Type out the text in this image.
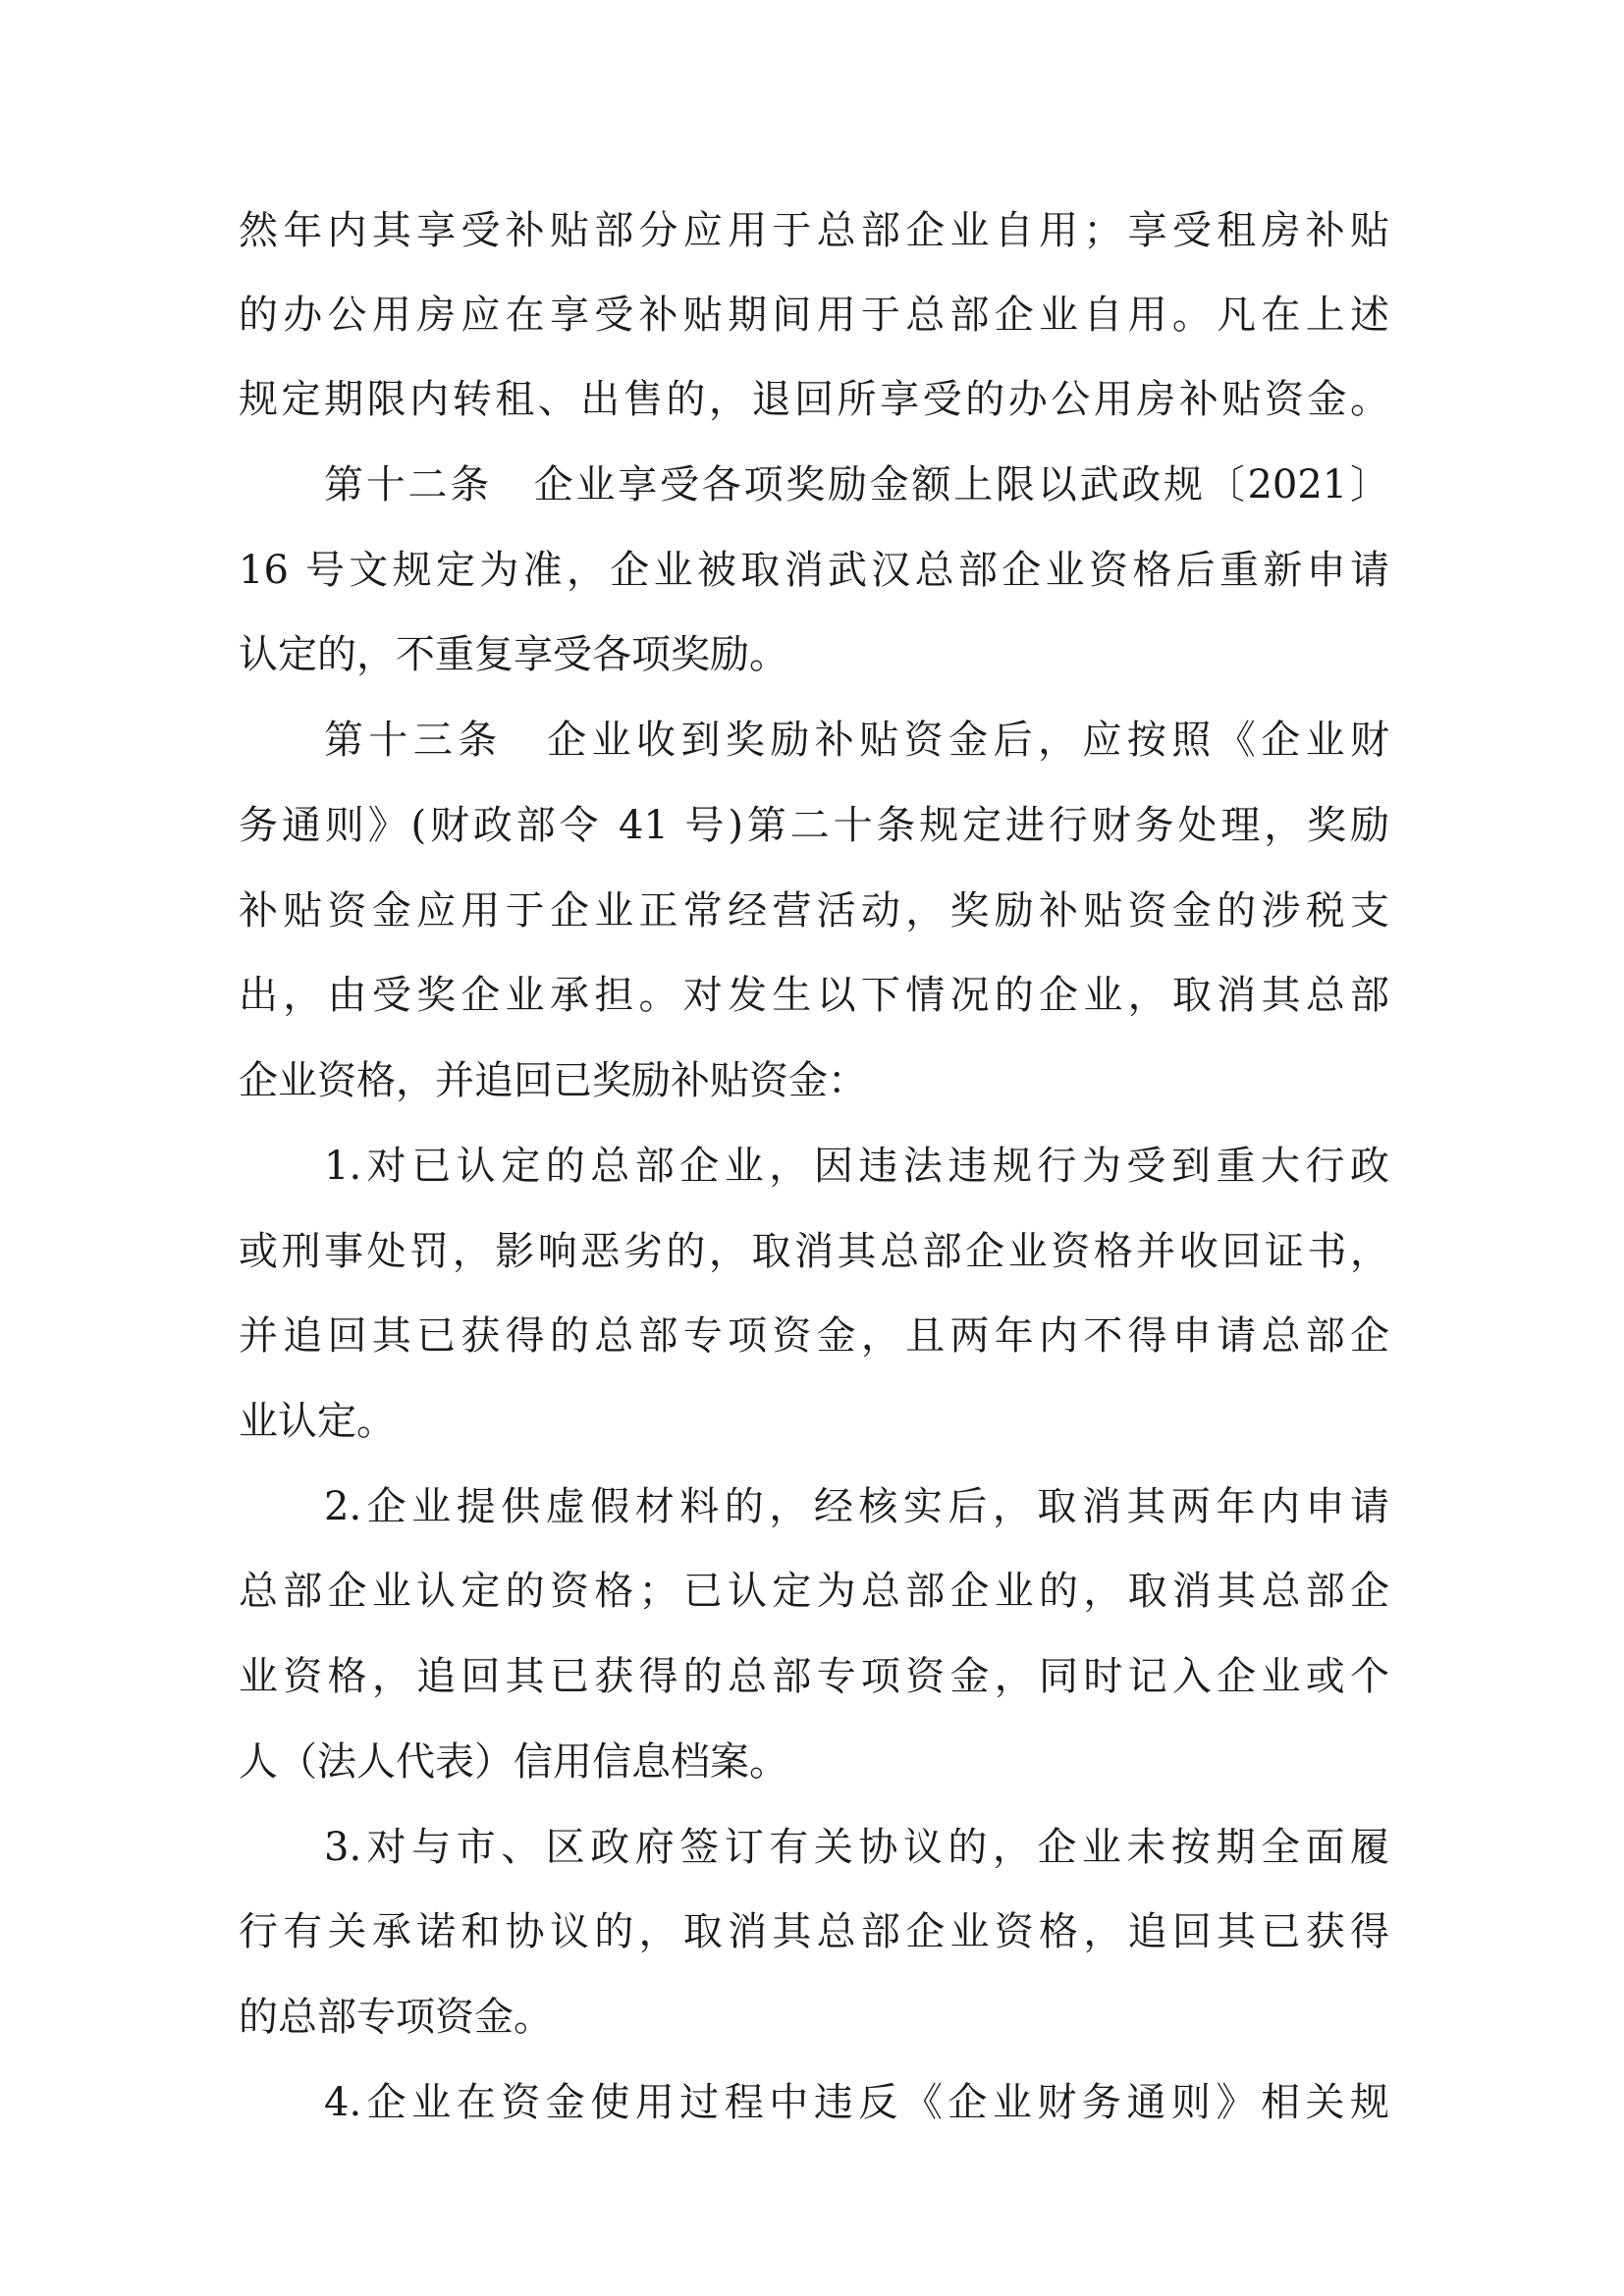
然年内其享受补贴部分应用于总部企业自用；享受租房补贴
的办公用房应在享受补贴期间用于总部企业自用。凡在上述
规定期限内转租、出售的，退回所享受的办公用房补贴资金。
第十二条　企业享受各项奖励金额上限以武政规〔2021〕
16 号文规定为准，企业被取消武汉总部企业资格后重新申请
认定的，不重复享受各项奖励。
第十三条　企业收到奖励补贴资金后，应按照《企业财
务通则》(财政部令 41 号)第二十条规定进行财务处理，奖励
补贴资金应用于企业正常经营活动，奖励补贴资金的涉税支
出，由受奖企业承担。对发生以下情况的企业，取消其总部
企业资格，并追回已奖励补贴资金：
1.对已认定的总部企业，因违法违规行为受到重大行政
或刑事处罚，影响恶劣的，取消其总部企业资格并收回证书，
并追回其已获得的总部专项资金，且两年内不得申请总部企
业认定。
2.企业提供虚假材料的，经核实后，取消其两年内申请
总部企业认定的资格；已认定为总部企业的，取消其总部企
业资格，追回其已获得的总部专项资金，同时记入企业或个
人（法人代表）信用信息档案。
3.对与市、区政府签订有关协议的，企业未按期全面履
行有关承诺和协议的，取消其总部企业资格，追回其已获得
的总部专项资金。
4.企业在资金使用过程中违反《企业财务通则》相关规
